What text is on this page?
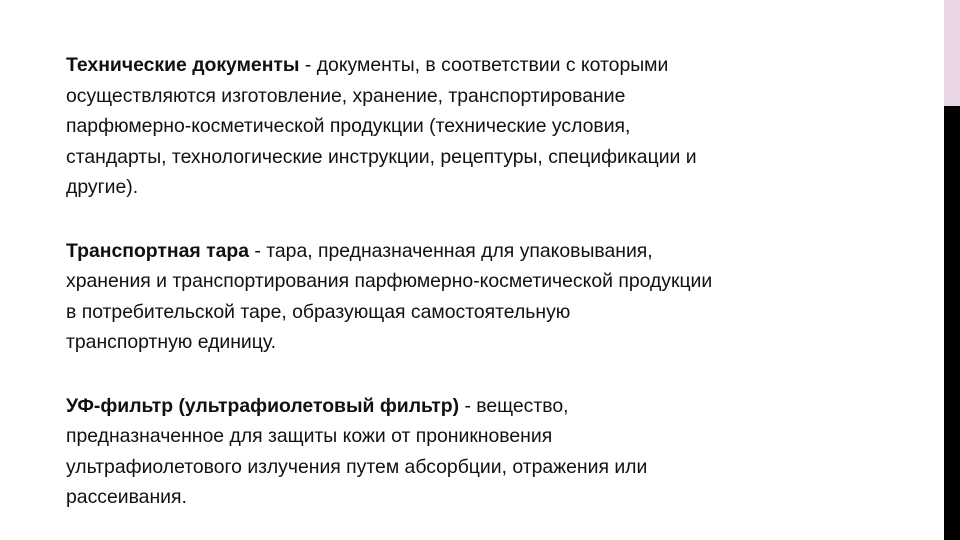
Технические документы - документы, в соответствии с которыми
осуществляются изготовление, хранение, транспортирование
парфюмерно-косметической продукции (технические условия,
стандарты, технологические инструкции, рецептуры, спецификации и
другие).

Транспортная тара - тара, предназначенная для упаковывания,
хранения и транспортирования парфюмерно-косметической продукции
в потребительской таре, образующая самостоятельную
транспортную единицу.

УФ-фильтр (ультрафиолетовый фильтр) - вещество,
предназначенное для защиты кожи от проникновения
ультрафиолетового излучения путем абсорбции, отражения или
рассеивания.
